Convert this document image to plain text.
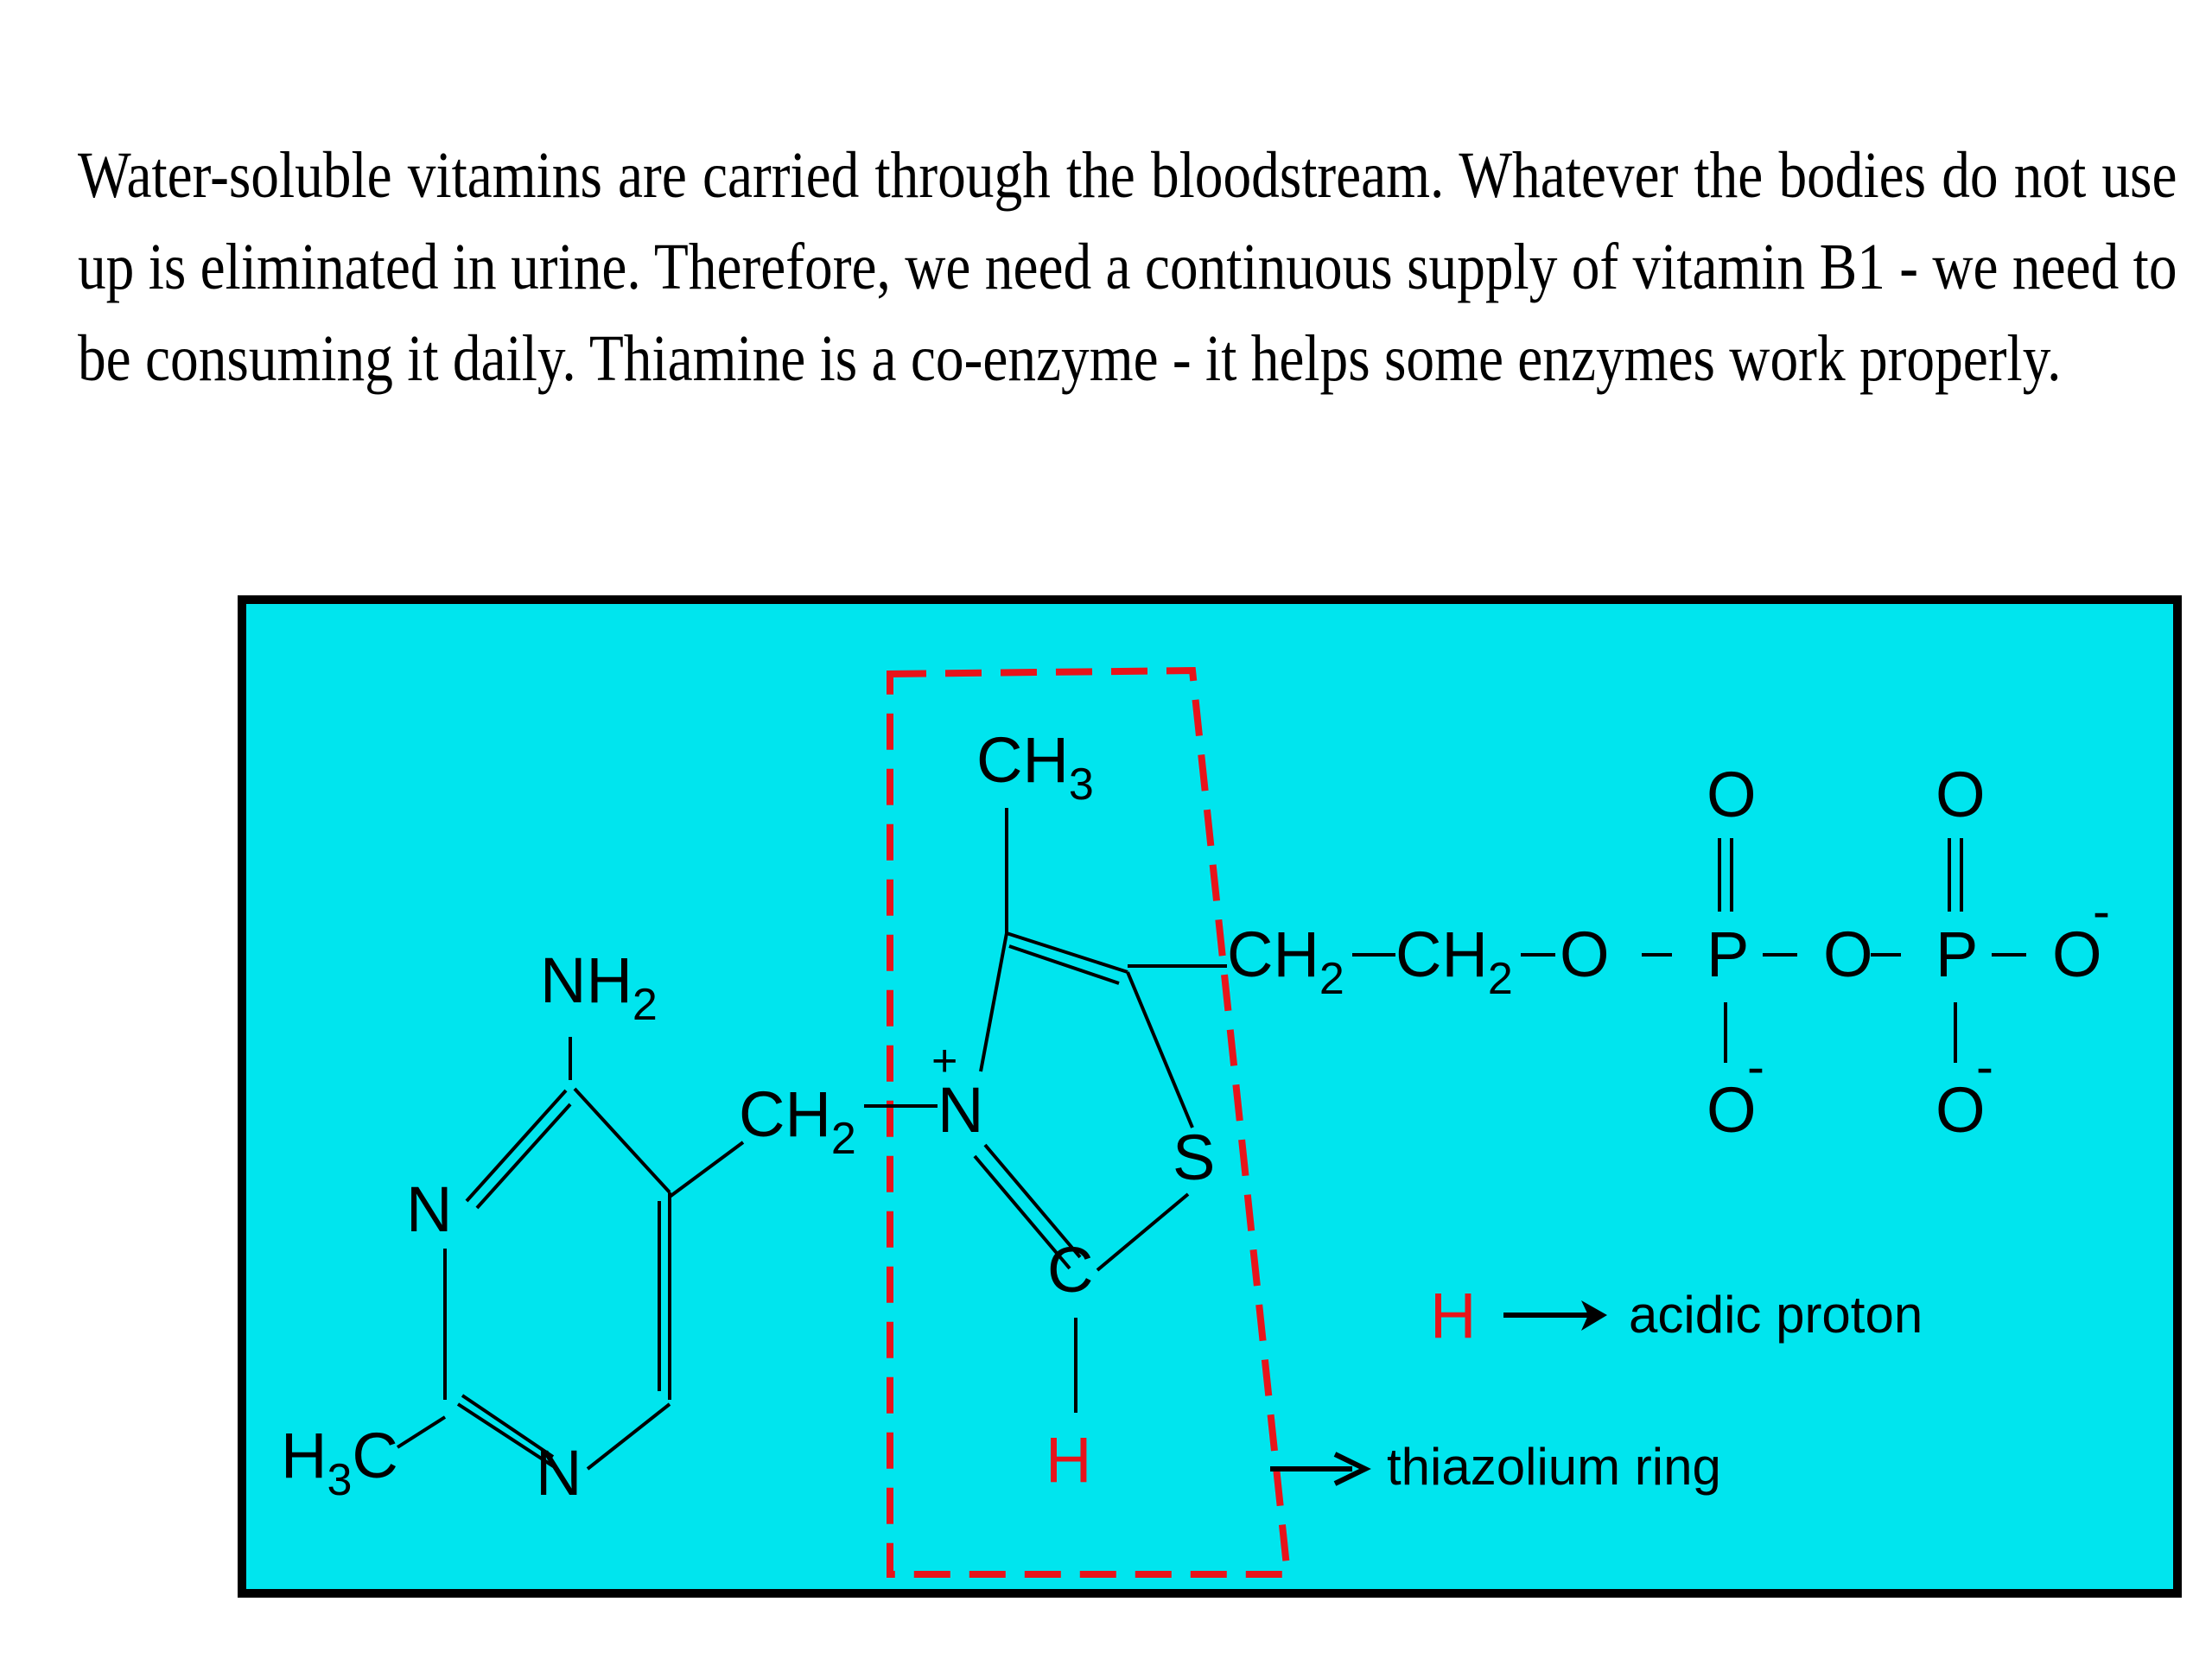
Water-soluble vitamins are carried through the bloodstream. Whatever the bodies do not use up is eliminated in urine. Therefore, we need a continuous supply of vitamin B1 - we need to be consuming it daily. Thiamine is a co-enzyme - it helps some enzymes work properly.
$NH_2$
N
N
$H_3C$
$CH_2$ N
+
$CH_3$
S
C
H
$CH_2$ $CH_2$ O P O P O
-
O	O
O
-
O
-
H	acidic proton
thiazolium ring
